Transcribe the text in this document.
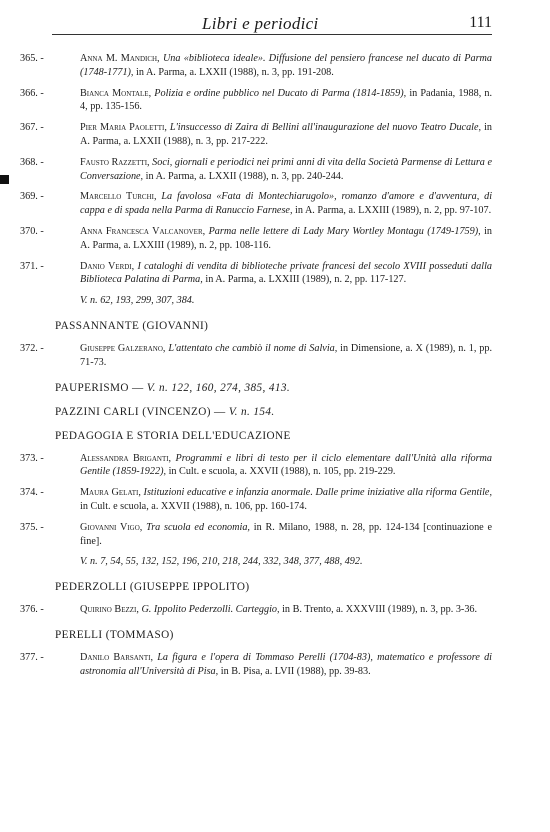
Libri e periodici	111
365. -	Anna M. Mandich, Una «biblioteca ideale». Diffusione del pensiero francese nel ducato di Parma (1748-1771), in A. Parma, a. LXXII (1988), n. 3, pp. 191-208.
366. -	Bianca Montale, Polizia e ordine pubblico nel Ducato di Parma (1814-1859), in Padania, 1988, n. 4, pp. 135-156.
367. -	Pier Maria Paoletti, L'insuccesso di Zaira di Bellini all'inaugurazione del nuovo Teatro Ducale, in A. Parma, a. LXXII (1988), n. 3, pp. 217-222.
368. -	Fausto Razzetti, Soci, giornali e periodici nei primi anni di vita della Società Parmense di Lettura e Conversazione, in A. Parma, a. LXXII (1988), n. 3, pp. 240-244.
369. -	Marcello Turchi, La favolosa «Fata di Montechiarugolo», romanzo d'amore e d'avventura, di cappa e di spada nella Parma di Ranuccio Farnese, in A. Parma, a. LXXIII (1989), n. 2, pp. 97-107.
370. -	Anna Francesca Valcanover, Parma nelle lettere di Lady Mary Wortley Montagu (1749-1759), in A. Parma, a. LXXIII (1989), n. 2, pp. 108-116.
371. -	Danio Verdi, I cataloghi di vendita di biblioteche private francesi del secolo XVIII posseduti dalla Biblioteca Palatina di Parma, in A. Parma, a. LXXIII (1989), n. 2, pp. 117-127.
V. n. 62, 193, 299, 307, 384.
PASSANNANTE (GIOVANNI)
372. -	Giuseppe Galzerano, L'attentato che cambiò il nome di Salvia, in Dimensione, a. X (1989), n. 1, pp. 71-73.
PAUPERISMO — V. n. 122, 160, 274, 385, 413.
PAZZINI CARLI (VINCENZO) — V. n. 154.
PEDAGOGIA E STORIA DELL'EDUCAZIONE
373. -	Alessandra Briganti, Programmi e libri di testo per il ciclo elementare dall'Unità alla riforma Gentile (1859-1922), in Cult. e scuola, a. XXVII (1988), n. 105, pp. 219-229.
374. -	Maura Gelati, Istituzioni educative e infanzia anormale. Dalle prime iniziative alla riforma Gentile, in Cult. e scuola, a. XXVII (1988), n. 106, pp. 160-174.
375. -	Giovanni Vigo, Tra scuola ed economia, in R. Milano, 1988, n. 28, pp. 124-134 [continuazione e fine].
V. n. 7, 54, 55, 132, 152, 196, 210, 218, 244, 332, 348, 377, 488, 492.
PEDERZOLLI (GIUSEPPE IPPOLITO)
376. -	Quirino Bezzi, G. Ippolito Pederzolli. Carteggio, in B. Trento, a. XXXVIII (1989), n. 3, pp. 3-36.
PERELLI (TOMMASO)
377. -	Danilo Barsanti, La figura e l'opera di Tommaso Perelli (1704-83), matematico e professore di astronomia all'Università di Pisa, in B. Pisa, a. LVII (1988), pp. 39-83.
